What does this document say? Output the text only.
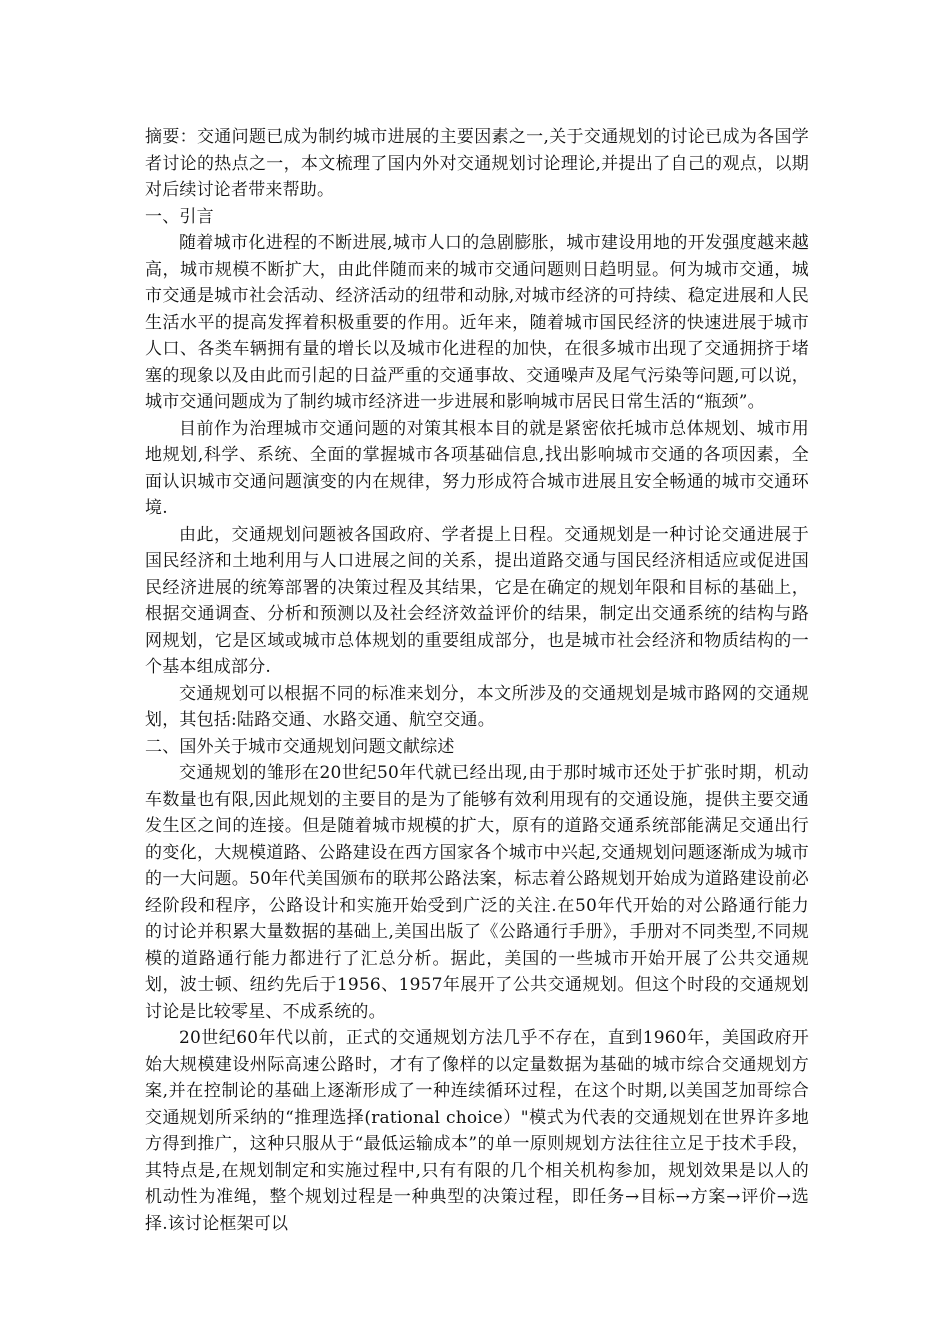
摘要：交通问题已成为制约城市进展的主要因素之一,关于交通规划的讨论已成为各国学者讨论的热点之一，本文梳理了国内外对交通规划讨论理论,并提出了自己的观点，以期对后续讨论者带来帮助。

一、引言

随着城市化进程的不断进展,城市人口的急剧膨胀，城市建设用地的开发强度越来越高，城市规模不断扩大，由此伴随而来的城市交通问题则日趋明显。何为城市交通，城市交通是城市社会活动、经济活动的纽带和动脉,对城市经济的可持续、稳定进展和人民生活水平的提高发挥着积极重要的作用。近年来，随着城市国民经济的快速进展于城市人口、各类车辆拥有量的增长以及城市化进程的加快，在很多城市出现了交通拥挤于堵塞的现象以及由此而引起的日益严重的交通事故、交通噪声及尾气污染等问题,可以说，城市交通问题成为了制约城市经济进一步进展和影响城市居民日常生活的“瓶颈”。

目前作为治理城市交通问题的对策其根本目的就是紧密依托城市总体规划、城市用地规划,科学、系统、全面的掌握城市各项基础信息,找出影响城市交通的各项因素，全面认识城市交通问题演变的内在规律，努力形成符合城市进展且安全畅通的城市交通环境.

由此，交通规划问题被各国政府、学者提上日程。交通规划是一种讨论交通进展于国民经济和土地利用与人口进展之间的关系，提出道路交通与国民经济相适应或促进国民经济进展的统筹部署的决策过程及其结果，它是在确定的规划年限和目标的基础上，根据交通调查、分析和预测以及社会经济效益评价的结果，制定出交通系统的结构与路网规划，它是区域或城市总体规划的重要组成部分，也是城市社会经济和物质结构的一个基本组成部分.

交通规划可以根据不同的标准来划分，本文所涉及的交通规划是城市路网的交通规划，其包括:陆路交通、水路交通、航空交通。

二、国外关于城市交通规划问题文献综述

交通规划的雏形在20世纪50年代就已经出现,由于那时城市还处于扩张时期，机动车数量也有限,因此规划的主要目的是为了能够有效利用现有的交通设施，提供主要交通发生区之间的连接。但是随着城市规模的扩大，原有的道路交通系统部能满足交通出行的变化，大规模道路、公路建设在西方国家各个城市中兴起,交通规划问题逐渐成为城市的一大问题。50年代美国颁布的联邦公路法案，标志着公路规划开始成为道路建设前必经阶段和程序，公路设计和实施开始受到广泛的关注.在50年代开始的对公路通行能力的讨论并积累大量数据的基础上,美国出版了《公路通行手册》，手册对不同类型,不同规模的道路通行能力都进行了汇总分析。据此，美国的一些城市开始开展了公共交通规划，波士顿、纽约先后于1956、1957年展开了公共交通规划。但这个时段的交通规划讨论是比较零星、不成系统的。

20世纪60年代以前，正式的交通规划方法几乎不存在，直到1960年，美国政府开始大规模建设州际高速公路时，才有了像样的以定量数据为基础的城市综合交通规划方案,并在控制论的基础上逐渐形成了一种连续循环过程，在这个时期,以美国芝加哥综合交通规划所采纳的“推理选择(rational choice）"模式为代表的交通规划在世界许多地方得到推广，这种只服从于“最低运输成本”的单一原则规划方法往往立足于技术手段，其特点是,在规划制定和实施过程中,只有有限的几个相关机构参加，规划效果是以人的机动性为准绳，整个规划过程是一种典型的决策过程，即任务→目标→方案→评价→选择.该讨论框架可以
